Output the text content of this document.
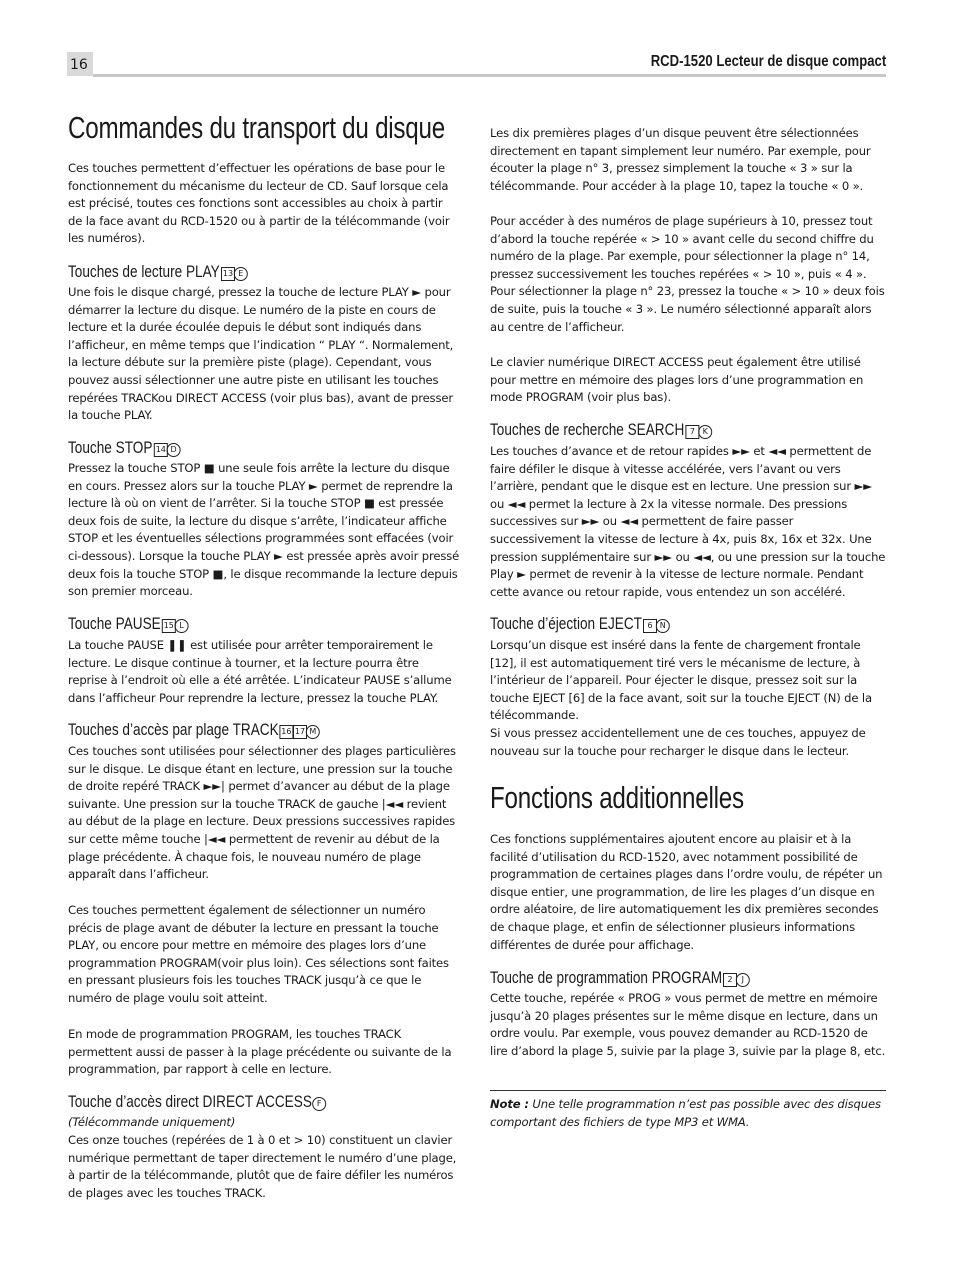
16	RCD-1520 Lecteur de disque compact
Commandes du transport du disque

Ces touches permettent d’effectuer les opérations de base pour le fonctionnement du mécanisme du lecteur de CD. Sauf lorsque cela est précisé, toutes ces fonctions sont accessibles au choix à partir de la face avant du RCD-1520 ou à partir de la télécommande (voir les numéros).

Touches de lecture PLAY 13 E

Une fois le disque chargé, pressez la touche de lecture PLAY ► pour démarrer la lecture du disque. Le numéro de la piste en cours de lecture et la durée écoulée depuis le début sont indiqués dans l’afficheur, en même temps que l’indication “ PLAY “. Normalement, la lecture débute sur la première piste (plage). Cependant, vous pouvez aussi sélectionner une autre piste en utilisant les touches repérées TRACKou DIRECT ACCESS (voir plus bas), avant de presser la touche PLAY.

Touche STOP 14 D

Pressez la touche STOP ■ une seule fois arrête la lecture du disque en cours. Pressez alors sur la touche PLAY ► permet de reprendre la lecture là où on vient de l’arrêter. Si la touche STOP ■ est pressée deux fois de suite, la lecture du disque s’arrête, l’indicateur affiche STOP et les éventuelles sélections programmées sont effacées (voir ci-dessous). Lorsque la touche PLAY ► est pressée après avoir pressé deux fois la touche STOP ■, le disque recommande la lecture depuis son premier morceau.

Touche PAUSE 15 L

La touche PAUSE ❚❚ est utilisée pour arrêter temporairement le lecture. Le disque continue à tourner, et la lecture pourra être reprise à l’endroit où elle a été arrêtée. L’indicateur PAUSE s’allume dans l’afficheur Pour reprendre la lecture, pressez la touche PLAY.

Touches d’accès par plage TRACK 16 17 M

Ces touches sont utilisées pour sélectionner des plages particulières sur le disque. Le disque étant en lecture, une pression sur la touche de droite repéré TRACK ►►| permet d’avancer au début de la plage suivante. Une pression sur la touche TRACK de gauche |◄◄ revient au début de la plage en lecture. Deux pressions successives rapides sur cette même touche |◄◄ permettent de revenir au début de la plage précédente. À chaque fois, le nouveau numéro de plage apparaît dans l’afficheur.

Ces touches permettent également de sélectionner un numéro précis de plage avant de débuter la lecture en pressant la touche PLAY, ou encore pour mettre en mémoire des plages lors d’une programmation PROGRAM(voir plus loin). Ces sélections sont faites en pressant plusieurs fois les touches TRACK jusqu’à ce que le numéro de plage voulu soit atteint.

En mode de programmation PROGRAM, les touches TRACK permettent aussi de passer à la plage précédente ou suivante de la programmation, par rapport à celle en lecture.

Touche d’accès direct DIRECT ACCESS F

(Télécommande uniquement)

Ces onze touches (repérées de 1 à 0 et > 10) constituent un clavier numérique permettant de taper directement le numéro d’une plage, à partir de la télécommande, plutôt que de faire défiler les numéros de plages avec les touches TRACK.

Les dix premières plages d’un disque peuvent être sélectionnées directement en tapant simplement leur numéro. Par exemple, pour écouter la plage n° 3, pressez simplement la touche « 3 » sur la télécommande. Pour accéder à la plage 10, tapez la touche « 0 ».

Pour accéder à des numéros de plage supérieurs à 10, pressez tout d’abord la touche repérée « > 10 » avant celle du second chiffre du numéro de la plage. Par exemple, pour sélectionner la plage n° 14, pressez successivement les touches repérées « > 10 », puis « 4 ». Pour sélectionner la plage n° 23, pressez la touche « > 10 » deux fois de suite, puis la touche « 3 ». Le numéro sélectionné apparaît alors au centre de l’afficheur.

Le clavier numérique DIRECT ACCESS peut également être utilisé pour mettre en mémoire des plages lors d’une programmation en mode PROGRAM (voir plus bas).

Touches de recherche SEARCH 7 K

Les touches d’avance et de retour rapides ►► et ◄◄ permettent de faire défiler le disque à vitesse accélérée, vers l’avant ou vers l’arrière, pendant que le disque est en lecture. Une pression sur ►► ou ◄◄ permet la lecture à 2x la vitesse normale. Des pressions successives sur ►► ou ◄◄ permettent de faire passer successivement la vitesse de lecture à 4x, puis 8x, 16x et 32x. Une pression supplémentaire sur ►► ou ◄◄, ou une pression sur la touche Play ► permet de revenir à la vitesse de lecture normale. Pendant cette avance ou retour rapide, vous entendez un son accéléré.

Touche d’éjection EJECT 6 N

Lorsqu’un disque est inséré dans la fente de chargement frontale [12], il est automatiquement tiré vers le mécanisme de lecture, à l’intérieur de l’appareil. Pour éjecter le disque, pressez soit sur la touche EJECT [6] de la face avant, soit sur la touche EJECT (N) de la télécommande.

Si vous pressez accidentellement une de ces touches, appuyez de nouveau sur la touche pour recharger le disque dans le lecteur.

Fonctions additionnelles

Ces fonctions supplémentaires ajoutent encore au plaisir et à la facilité d’utilisation du RCD-1520, avec notamment possibilité de programmation de certaines plages dans l’ordre voulu, de répéter un disque entier, une programmation, de lire les plages d’un disque en ordre aléatoire, de lire automatiquement les dix premières secondes de chaque plage, et enfin de sélectionner plusieurs informations différentes de durée pour affichage.

Touche de programmation PROGRAM 2 J

Cette touche, repérée « PROG » vous permet de mettre en mémoire jusqu’à 20 plages présentes sur le même disque en lecture, dans un ordre voulu. Par exemple, vous pouvez demander au RCD-1520 de lire d’abord la plage 5, suivie par la plage 3, suivie par la plage 8, etc.

Note : Une telle programmation n’est pas possible avec des disques comportant des fichiers de type MP3 et WMA.
